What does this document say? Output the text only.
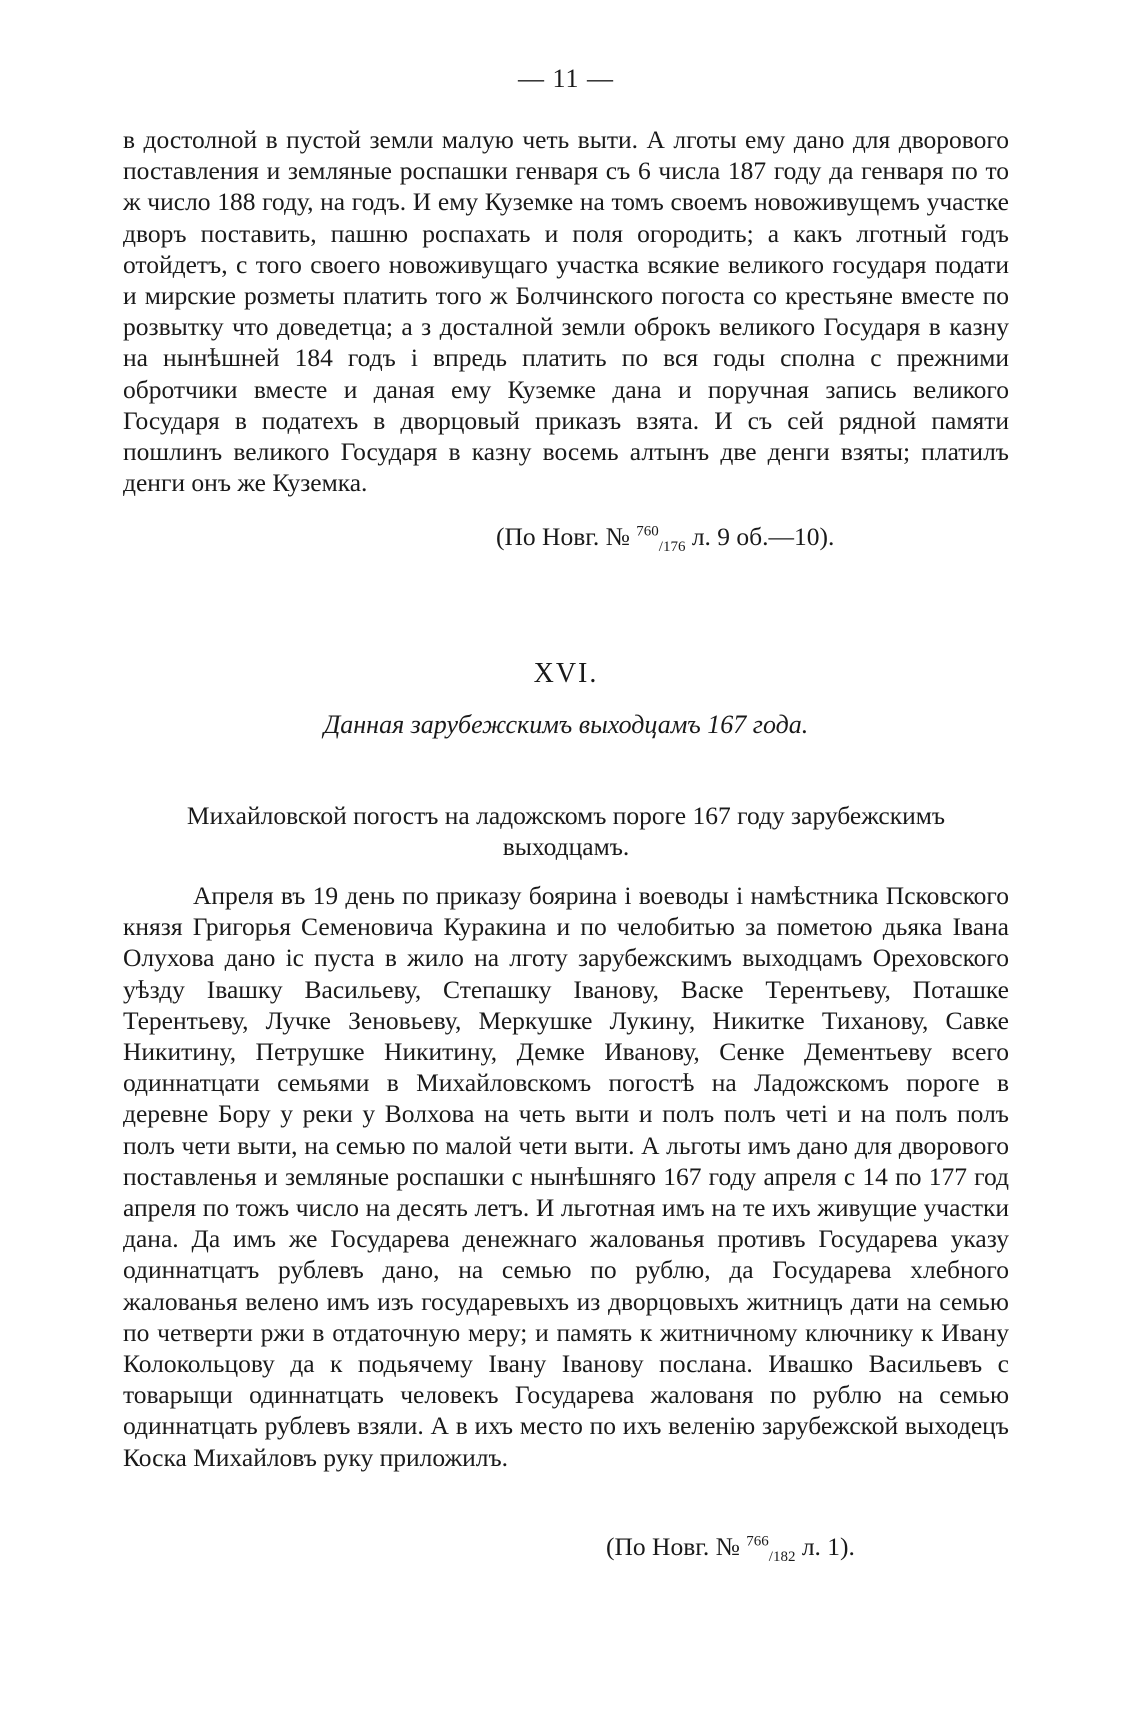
— 11 —

в достолной в пустой земли малую четь выти. А лготы ему дано для дворового поставления и земляные роспашки генваря съ 6 числа 187 году да генваря по то ж число 188 году, на годъ. И ему Куземке на томъ своемъ новоживущемъ участке дворъ поставить, пашню роспахать и поля огородить; а какъ лготный годъ отойдетъ, с того своего новоживущаго участка всякие великого государя подати и мирские розметы платить того ж Болчинского погоста со крестьяне вместе по розвытку что доведетца; а з досталной земли оброкъ великого Государя в казну на нынѣшней 184 годъ і впредь платить по вся годы сполна с прежними обротчики вместе и даная ему Куземке дана и поручная запись великого Государя в податехъ в дворцовый приказъ взята. И съ сей рядной памяти пошлинъ великого Государя в казну восемь алтынъ две денги взяты; платилъ денги онъ же Куземка.

(По Новг. № $^{760}_{/176}$ л. 9 об.—10).
XVI.
Данная зарубежскимъ выходцамъ 167 года.
Михайловской погостъ на ладожскомъ пороге 167 году зарубежскимъ выходцамъ.

Апреля въ 19 день по приказу боярина і воеводы і намѣстника Псковского князя Григорья Семеновича Куракина и по челобитью за пометою дьяка Івана Олухова дано іс пуста в жило на лготу зарубежскимъ выходцамъ Ореховского уѣзду Івашку Васильеву, Степашку Іванову, Васке Терентьеву, Поташке Терентьеву, Лучке Зеновьеву, Меркушке Лукину, Никитке Тиханову, Савке Никитину, Петрушке Никитину, Демке Иванову, Сенке Дементьеву всего одиннатцати семьями в Михайловскомъ погостѣ на Ладожскомъ пороге в деревне Бору у реки у Волхова на четь выти и полъ полъ четі и на полъ полъ полъ чети выти, на семью по малой чети выти. А льготы имъ дано для дворового поставленья и земляные роспашки с нынѣшняго 167 году апреля с 14 по 177 год апреля по тожъ число на десять летъ. И льготная имъ на те ихъ живущие участки дана. Да имъ же Государева денежнаго жалованья противъ Государева указу одиннатцатъ рублевъ дано, на семью по рублю, да Государева хлебного жалованья велено имъ изъ государевыхъ из дворцовыхъ житницъ дати на семью по четверти ржи в отдаточную меру; и память к житничному ключнику к Ивану Колокольцову да к подьячему Івану Іванову послана. Ивашко Васильевъ с товарыщи одиннатцать человекъ Государева жалованя по рублю на семью одиннатцать рублевъ взяли. А в ихъ место по ихъ веленію зарубежской выходецъ Коска Михайловъ руку приложилъ.

(По Новг. № $^{766}_{/182}$ л. 1).
